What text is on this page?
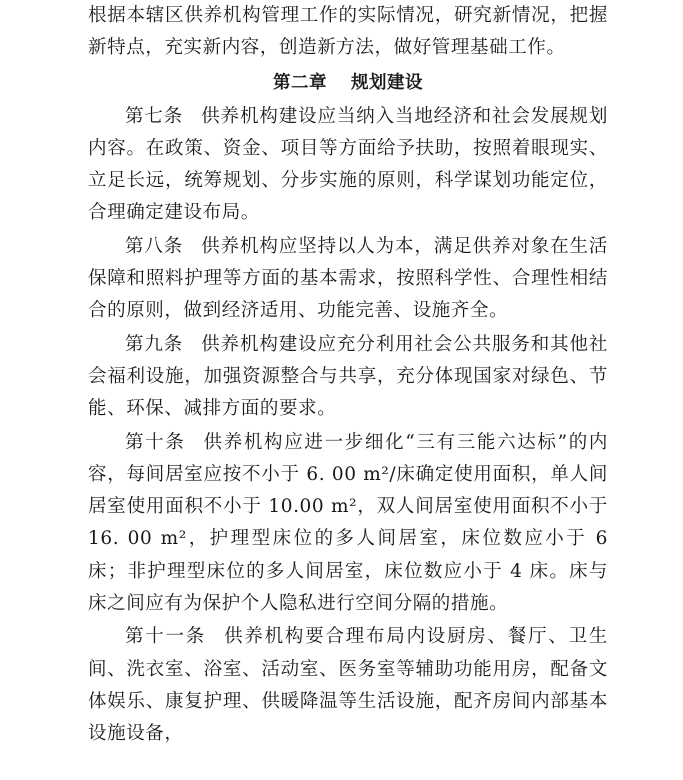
根据本辖区供养机构管理工作的实际情况，研究新情况，把握新特点，充实新内容，创造新方法，做好管理基础工作。

第二章 规划建设

第七条 供养机构建设应当纳入当地经济和社会发展规划内容。在政策、资金、项目等方面给予扶助，按照着眼现实、立足长远，统筹规划、分步实施的原则，科学谋划功能定位，合理确定建设布局。

第八条 供养机构应坚持以人为本，满足供养对象在生活保障和照料护理等方面的基本需求，按照科学性、合理性相结合的原则，做到经济适用、功能完善、设施齐全。

第九条 供养机构建设应充分利用社会公共服务和其他社会福利设施，加强资源整合与共享，充分体现国家对绿色、节能、环保、减排方面的要求。

第十条 供养机构应进一步细化“三有三能六达标”的内容，每间居室应按不小于 6. 00 m²/床确定使用面积，单人间居室使用面积不小于 10.00 m²，双人间居室使用面积不小于 16. 00 m²，护理型床位的多人间居室，床位数应小于 6 床；非护理型床位的多人间居室，床位数应小于 4 床。床与床之间应有为保护个人隐私进行空间分隔的措施。

第十一条 供养机构要合理布局内设厨房、餐厅、卫生间、洗衣室、浴室、活动室、医务室等辅助功能用房，配备文体娱乐、康复护理、供暖降温等生活设施，配齐房间内部基本设施设备，
